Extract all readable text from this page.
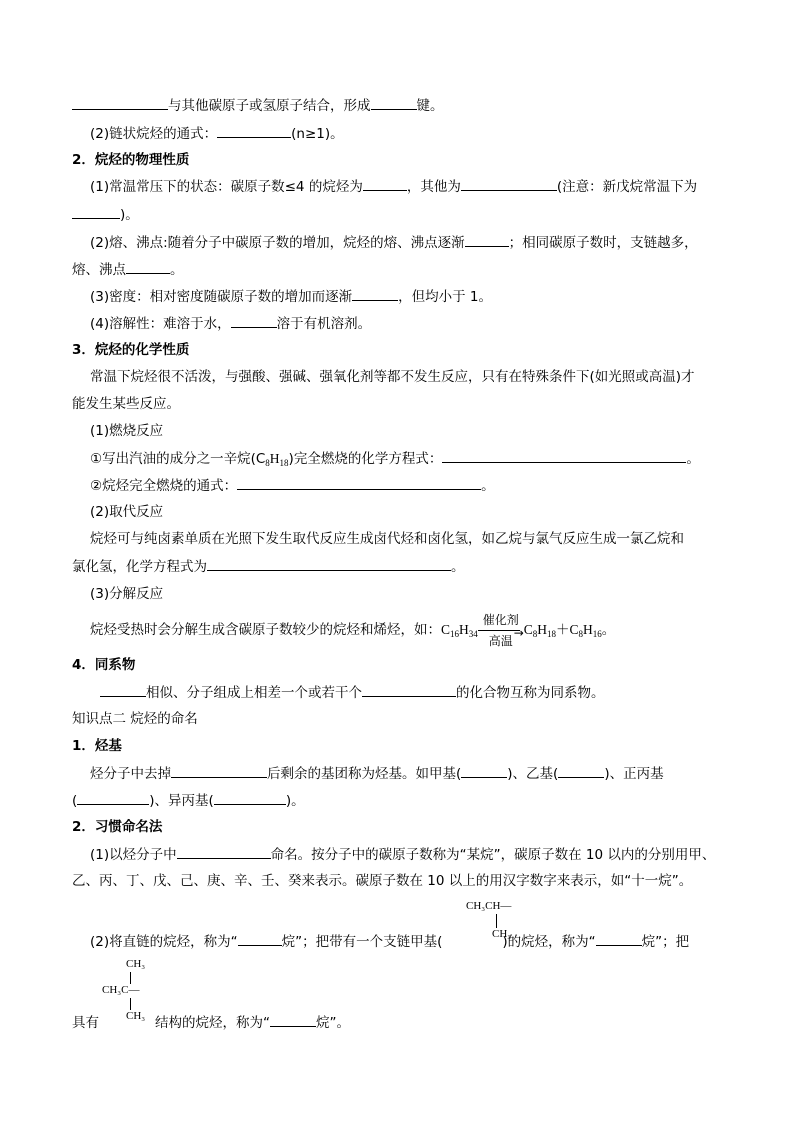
与其他碳原子或氢原子结合，形成	键。
(2)链状烷烃的通式：	(n≥1)。
2．烷烃的物理性质
(1)常温常压下的状态：碳原子数≤4 的烷烃为	，其他为	(注意：新戊烷常温下为
)。
(2)熔、沸点:随着分子中碳原子数的增加，烷烃的熔、沸点逐渐	；相同碳原子数时，支链越多，
熔、沸点	。
(3)密度：相对密度随碳原子数的增加而逐渐	，但均小于 1。
(4)溶解性：难溶于水，	溶于有机溶剂。
3．烷烃的化学性质
常温下烷烃很不活泼，与强酸、强碱、强氧化剂等都不发生反应，只有在特殊条件下(如光照或高温)才
能发生某些反应。
(1)燃烧反应
①写出汽油的成分之一辛烷$(C_8H_{18})$完全燃烧的化学方程式：	。
②烷烃完全燃烧的通式：	。
(2)取代反应
烷烃可与纯卤素单质在光照下发生取代反应生成卤代烃和卤化氢，如乙烷与氯气反应生成一氯乙烷和
氯化氢，化学方程式为	。
(3)分解反应
烷烃受热时会分解生成含碳原子数较少的烷烃和烯烃，如：$C_{16}H_{34}$
催化剂
→
高温
$C_8H_{18}+C_8H_{16}$。
4．同系物
相似、分子组成上相差一个或若干个	的化合物互称为同系物。
知识点二 烷烃的命名
1．烃基
烃分子中去掉	后剩余的基团称为烃基。如甲基(	)、乙基(	)、正丙基
(	)、异丙基(	)。
2．习惯命名法
(1)以烃分子中	命名。按分子中的碳原子数称为“某烷”，碳原子数在 10 以内的分别用甲、
乙、丙、丁、戊、己、庚、辛、壬、癸来表示。碳原子数在 10 以上的用汉字数字来表示，如“十一烷”。
CH₃CH—
CH₃
(2)将直链的烷烃，称为“	烷”；把带有一个支链甲基(	)的烷烃，称为“	烷”；把
CH₃
CH₃C—
CH₃
具有	结构的烷烃，称为“	烷”。
